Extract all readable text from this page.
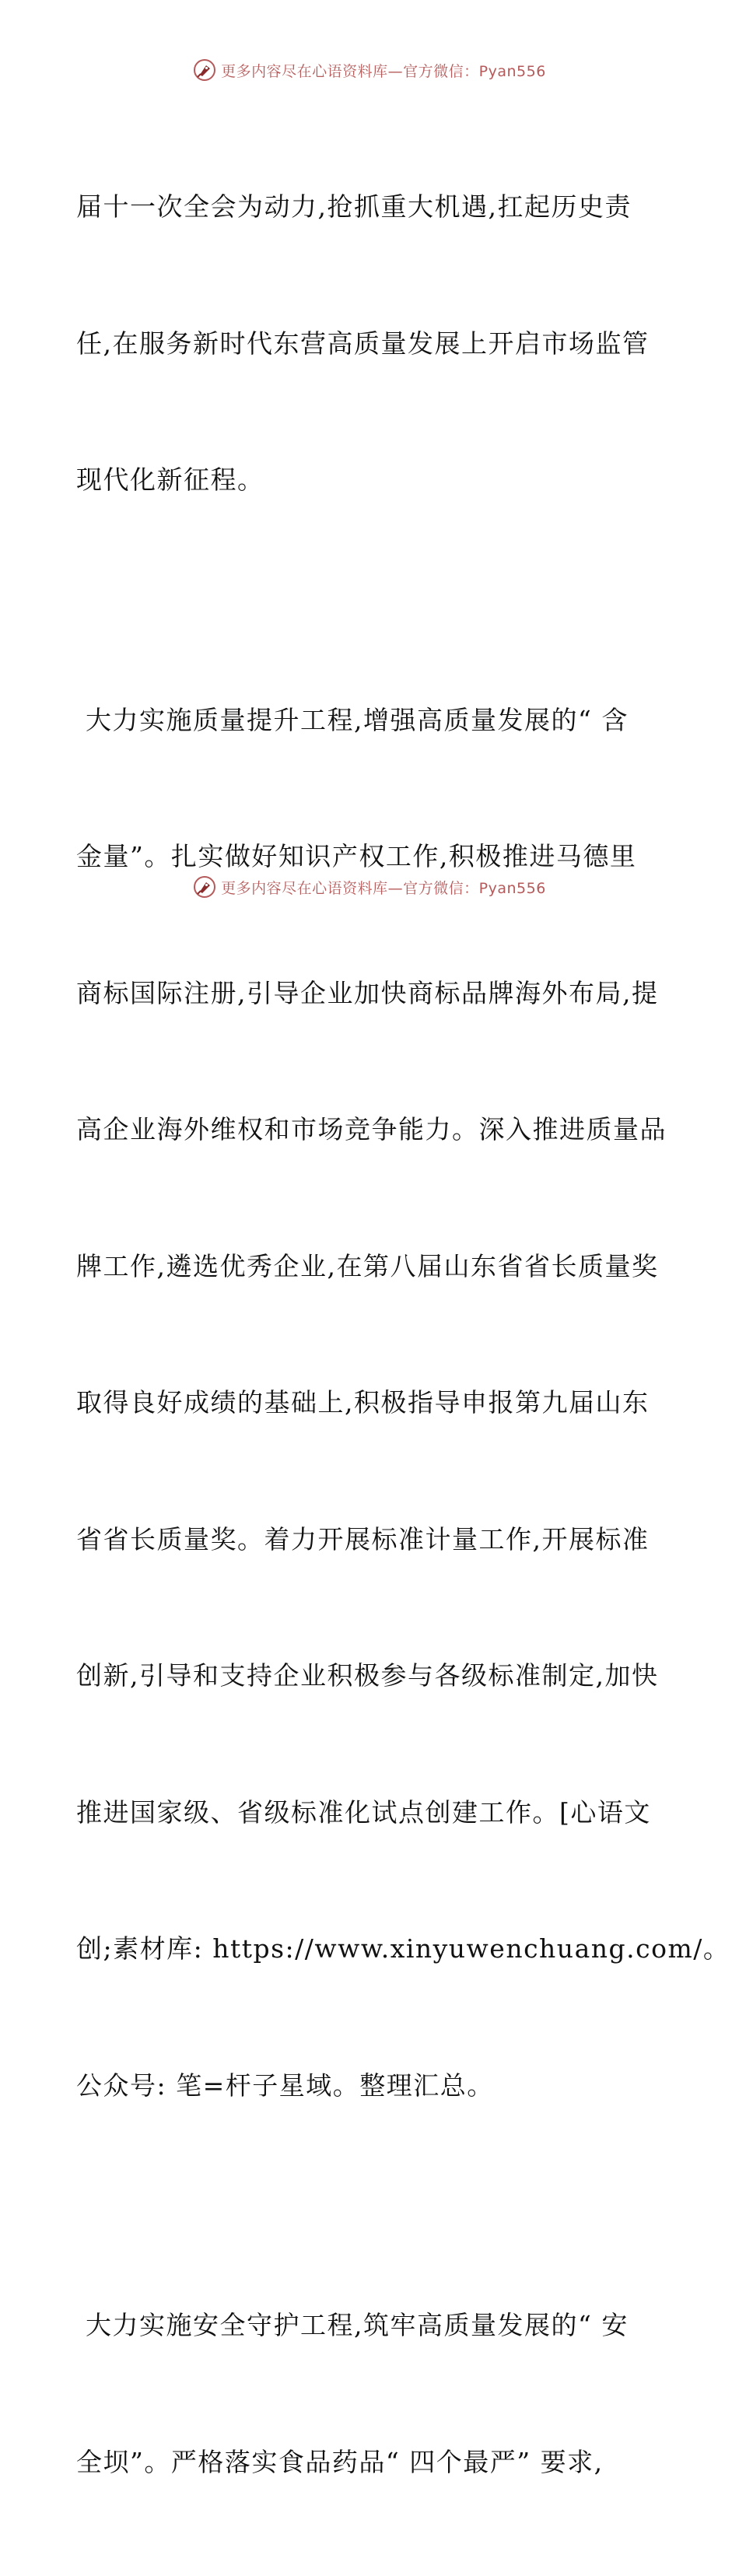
更多内容尽在心语资料库—官方微信：Pyan556

届十一次全会为动力,抢抓重大机遇,扛起历史责

任,在服务新时代东营高质量发展上开启市场监管

现代化新征程。

大力实施质量提升工程,增强高质量发展的“ 含

金量”。扎实做好知识产权工作,积极推进马德里

商标国际注册,引导企业加快商标品牌海外布局,提

高企业海外维权和市场竞争能力。深入推进质量品

牌工作,遴选优秀企业,在第八届山东省省长质量奖

取得良好成绩的基础上,积极指导申报第九届山东

省省长质量奖。着力开展标准计量工作,开展标准

创新,引导和支持企业积极参与各级标准制定,加快

推进国家级、省级标准化试点创建工作。[心语文

创;素材库: https://www.xinyuwenchuang.com/。

公众号: 笔=杆子星域。整理汇总。

大力实施安全守护工程,筑牢高质量发展的“ 安

全坝”。严格落实食品药品“ 四个最严” 要求,

更多内容尽在心语资料库—官方微信：Pyan556
